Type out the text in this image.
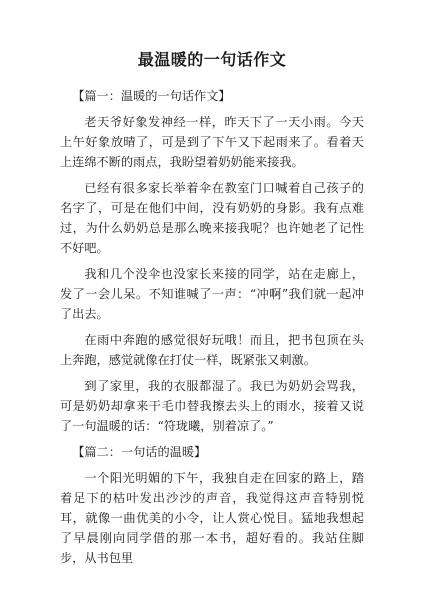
最温暖的一句话作文

【篇一：温暖的一句话作文】

老天爷好象发神经一样，昨天下了一天小雨。今天上午好象放晴了，可是到了下午又下起雨来了。看着天上连绵不断的雨点，我盼望着奶奶能来接我。

已经有很多家长举着伞在教室门口喊着自己孩子的名字了，可是在他们中间，没有奶奶的身影。我有点难过，为什么奶奶总是那么晚来接我呢？也许她老了记性不好吧。

我和几个没伞也没家长来接的同学，站在走廊上，发了一会儿呆。不知谁喊了一声：“冲啊”我们就一起冲了出去。

在雨中奔跑的感觉很好玩哦！而且，把书包顶在头上奔跑，感觉就像在打仗一样，既紧张又刺激。

到了家里，我的衣服都湿了。我已为奶奶会骂我，可是奶奶却拿来干毛巾替我擦去头上的雨水，接着又说了一句温暖的话：“符珑曦，别着凉了。”

【篇二：一句话的温暖】

一个阳光明媚的下午，我独自走在回家的路上，踏着足下的枯叶发出沙沙的声音，我觉得这声音特别悦耳，就像一曲优美的小令，让人赏心悦目。猛地我想起了早晨刚向同学借的那一本书，超好看的。我站住脚步，从书包里
